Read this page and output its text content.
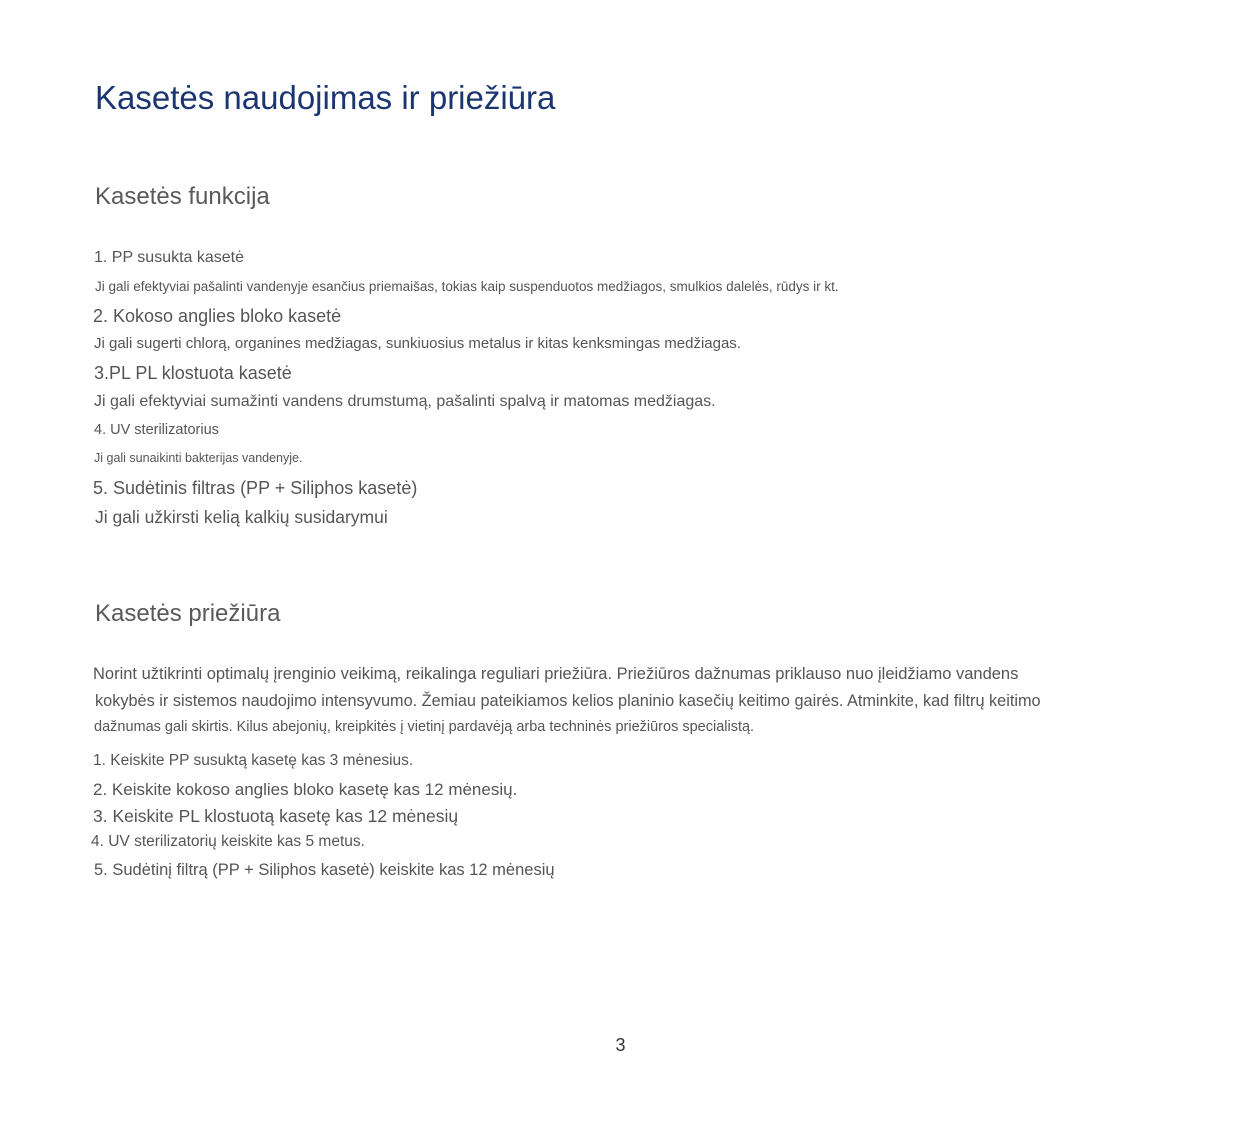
Kasetės naudojimas ir priežiūra
Kasetės funkcija
1. PP susukta kasetė
Ji gali efektyviai pašalinti vandenyje esančius priemaišas, tokias kaip suspenduotos medžiagos, smulkios dalelės, rūdys ir kt.
2. Kokoso anglies bloko kasetė
Ji gali sugerti chlorą, organines medžiagas, sunkiuosius metalus ir kitas kenksmingas medžiagas.
3.PL PL klostuota kasetė
Ji gali efektyviai sumažinti vandens drumstumą, pašalinti spalvą ir matomas medžiagas.
4. UV sterilizatorius
Ji gali sunaikinti bakterijas vandenyje.
5. Sudėtinis filtras (PP + Siliphos kasetė)
Ji gali užkirsti kelią kalkių susidarymui
Kasetės priežiūra
Norint užtikrinti optimalų įrenginio veikimą, reikalinga reguliari priežiūra. Priežiūros dažnumas priklauso nuo įleidžiamo vandens
kokybės ir sistemos naudojimo intensyvumo. Žemiau pateikiamos kelios planinio kasečių keitimo gairės. Atminkite, kad filtrų keitimo
dažnumas gali skirtis. Kilus abejonių, kreipkitės į vietinį pardavėją arba techninės priežiūros specialistą.
1. Keiskite PP susuktą kasetę kas 3 mėnesius.
2. Keiskite kokoso anglies bloko kasetę kas 12 mėnesių.
3. Keiskite PL klostuotą kasetę kas 12 mėnesių
4. UV sterilizatorių keiskite kas 5 metus.
5. Sudėtinį filtrą (PP + Siliphos kasetė) keiskite kas 12 mėnesių
3
